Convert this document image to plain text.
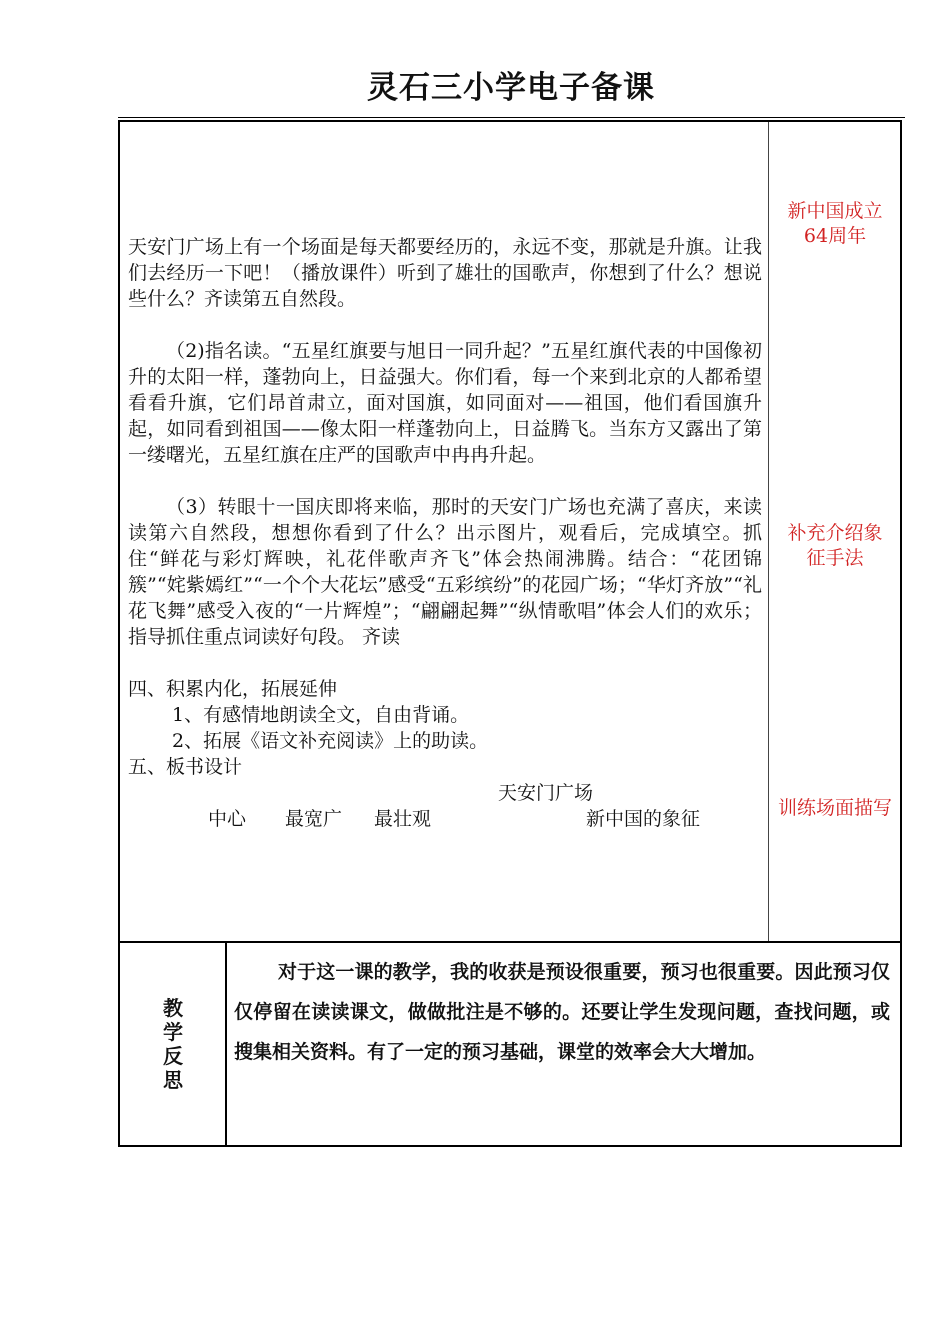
灵石三小学电子备课

天安门广场上有一个场面是每天都要经历的，永远不变，那就是升旗。让我们去经历一下吧！（播放课件）听到了雄壮的国歌声，你想到了什么？想说些什么？齐读第五自然段。

（2)指名读。“五星红旗要与旭日一同升起？”五星红旗代表的中国像初升的太阳一样，蓬勃向上，日益强大。你们看，每一个来到北京的人都希望看看升旗，它们昂首肃立，面对国旗，如同面对——祖国，他们看国旗升起，如同看到祖国——像太阳一样蓬勃向上，日益腾飞。当东方又露出了第一缕曙光，五星红旗在庄严的国歌声中冉冉升起。

（3）转眼十一国庆即将来临，那时的天安门广场也充满了喜庆，来读读第六自然段，想想你看到了什么？出示图片，观看后，完成填空。抓住“鲜花与彩灯辉映，礼花伴歌声齐飞”体会热闹沸腾。结合：“花团锦簇”“姹紫嫣红”“一个个大花坛”感受“五彩缤纷”的花园广场；“华灯齐放”“礼花飞舞”感受入夜的“一片辉煌”；“翩翩起舞”“纵情歌唱”体会人们的欢乐；指导抓住重点词读好句段。 齐读

四、积累内化，拓展延伸

1、有感情地朗读全文，自由背诵。

2、拓展《语文补充阅读》上的助读。

五、板书设计

天安门广场
中心 最宽广 最壮观	新中国的象征
新中国成立64周年
补充介绍象征手法
训练场面描写
教
学
反
思
对于这一课的教学，我的收获是预设很重要，预习也很重要。因此预习仅仅停留在读读课文，做做批注是不够的。还要让学生发现问题，查找问题，或搜集相关资料。有了一定的预习基础，课堂的效率会大大增加。
